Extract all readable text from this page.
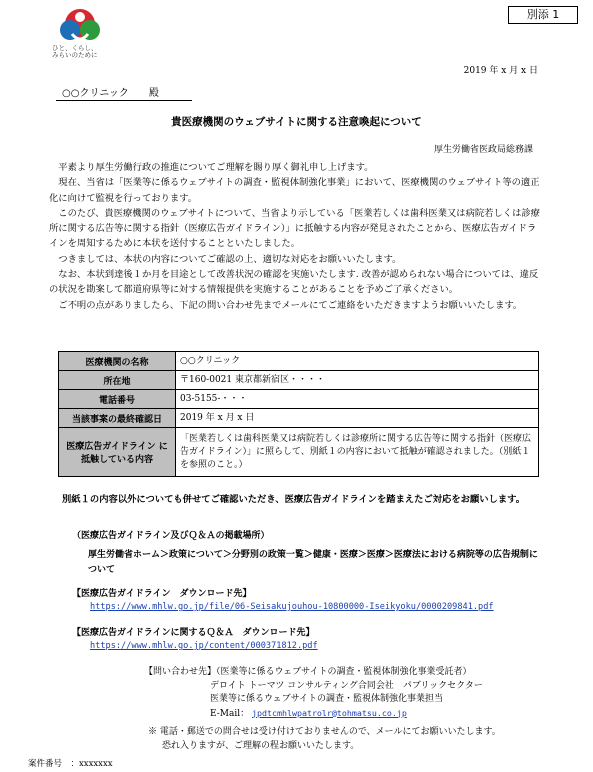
ひと、くらし、
みらいのために
別添 1
2019 年 x 月 x 日
○○クリニック　　殿
貴医療機関のウェブサイトに関する注意喚起について
厚生労働省医政局総務課

平素より厚生労働行政の推進についてご理解を賜り厚く御礼申し上げます。

現在、当省は「医業等に係るウェブサイトの調査・監視体制強化事業」において、医療機関のウェブサイト等の適正化に向けて監視を行っております。

このたび、貴医療機関のウェブサイトについて、当省より示している「医業若しくは歯科医業又は病院若しくは診療所に関する広告等に関する指針（医療広告ガイドライン）」に抵触する内容が発見されたことから、医療広告ガイドラインを周知するために本状を送付することといたしました。

つきましては、本状の内容についてご確認の上、適切な対応をお願いいたします。

なお、本状到達後１か月を目途として改善状況の確認を実施いたします. 改善が認められない場合については、違反の状況を勘案して都道府県等に対する情報提供を実施することがあることを予めご了承ください。

ご不明の点がありましたら、下記の問い合わせ先までメールにてご連絡をいただきますようお願いいたします。

医療機関の名称	○○クリニック
所在地	〒160-0021 東京都新宿区・・・・
電話番号	03-5155-・・・
当該事案の最終確認日	2019 年 x 月 x 日
医療広告ガイドライン に抵触している内容	「医業若しくは歯科医業又は病院若しくは診療所に関する広告等に関する指針（医療広告ガイドライン）」に照らして、別紙１の内容において抵触が確認されました。（別紙１を参照のこと。）
別紙１の内容以外についても併せてご確認いただき、医療広告ガイドラインを踏まえたご対応をお願いします。
（医療広告ガイドライン及びＱ＆Ａの掲載場所）
厚生労働省ホーム＞政策について＞分野別の政策一覧＞健康・医療＞医療＞医療法における病院等の広告規制について
【医療広告ガイドライン　ダウンロード先】
https://www.mhlw.go.jp/file/06-Seisakujouhou-10800000-Iseikyoku/0000209841.pdf
【医療広告ガイドラインに関するＱ＆Ａ　ダウンロード先】
https://www.mhlw.go.jp/content/000371812.pdf
【問い合わせ先】（医業等に係るウェブサイトの調査・監視体制強化事業受託者）
デロイト トーマツ コンサルティング合同会社　パブリックセクター
医業等に係るウェブサイトの調査・監視体制強化事業担当
E-Mail： jpdtcmhlwpatrolr@tohmatsu.co.jp
※ 電話・郵送での問合せは受け付けておりませんので、メールにてお願いいたします。
恐れ入りますが、ご理解の程お願いいたします。
案件番号　：xxxxxxx
